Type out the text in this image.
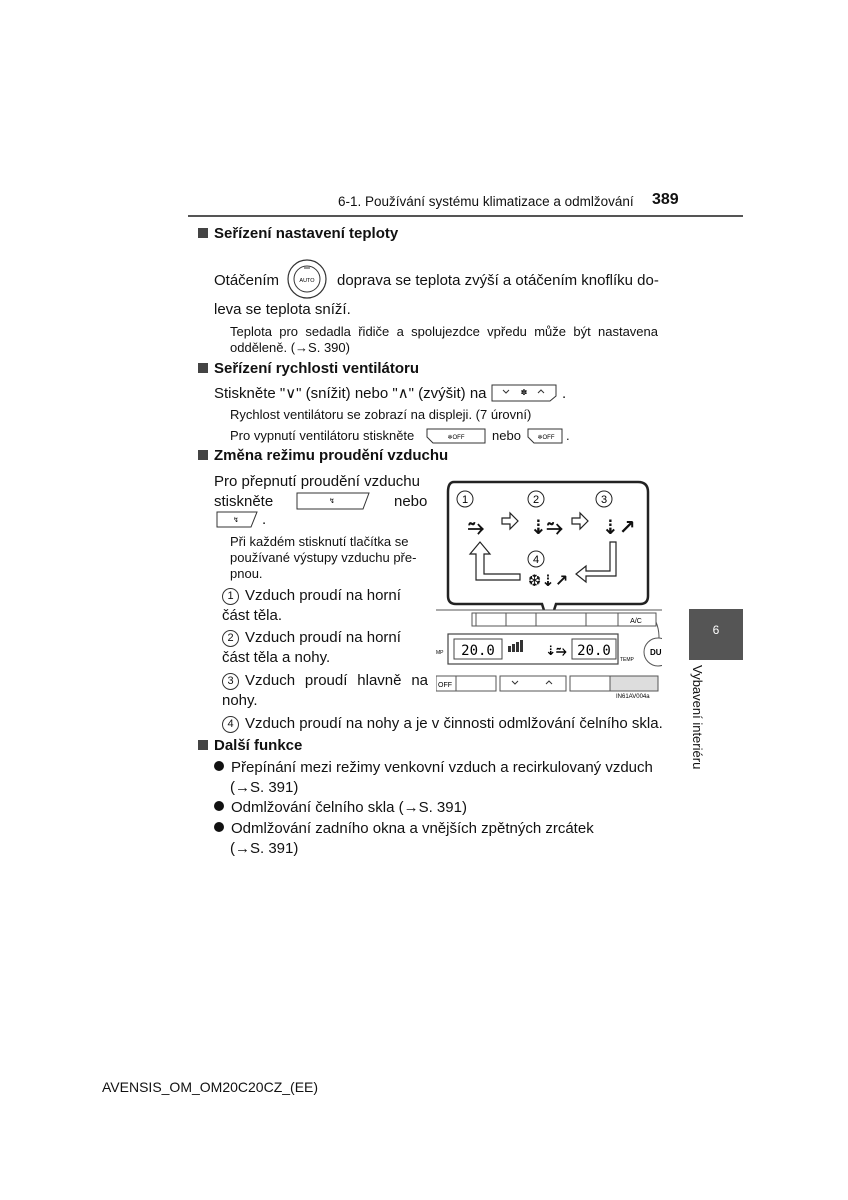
6-1. Používání systému klimatizace a odmlžování 389
Seřízení nastavení teploty
Otáčením	AUTO doprava se teplota zvýší a otáčením knoflíku do-
leva se teplota sníží.
Teplota pro sedadla řidiče a spolujezdce vpředu může být nastavena odděleně. (→S. 390)
Seřízení rychlosti ventilátoru
Stiskněte "∨" (snížit) nebo "∧" (zvýšit) na	✽ .
Rychlost ventilátoru se zobrazí na displeji. (7 úrovní)
Pro vypnutí ventilátoru stiskněte	❄OFF nebo	❄OFF .
Změna režimu proudění vzduchu
Pro přepnutí proudění vzduchu
stiskněte	↯	nebo
↯ .
Při každém stisknutí tlačítka se používané výstupy vzduchu pře-pnou.
1 Vzduch proudí na horní část těla.
2 Vzduch proudí na horní část těla a nohy.
3 Vzduch proudí hlavně na nohy.
4 Vzduch proudí na nohy a je v činnosti odmlžování čelního skla.
1	2	3
4
⥲ ⇣⥲ ⇣↗
❆⇣↗
A/C
20.0	20.0
⇣⥲
MP
TEMP
DU
OFF
IN61AV004a
Další funkce
Přepínání mezi režimy venkovní vzduch a recirkulovaný vzduch
(→S. 391)
Odmlžování čelního skla (→S. 391)
Odmlžování zadního okna a vnějších zpětných zrcátek
(→S. 391)
6
Vybavení interiéru
AVENSIS_OM_OM20C20CZ_(EE)
